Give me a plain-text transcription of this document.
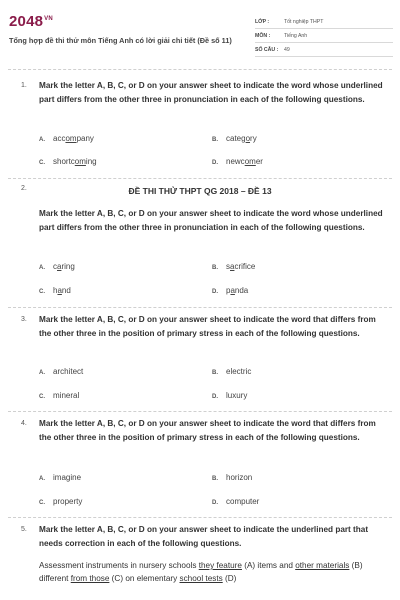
$2048^{VN}$
Tổng hợp đề thi thử môn Tiếng Anh có lời giải chi tiết (Đề số 11)
LỚP :	Tốt nghiệp THPT
MÔN :	Tiếng Anh
SỐ CÂU : 49
1. Mark the letter A, B, C, or D on your answer sheet to indicate the word whose underlined part differs from the other three in pronunciation in each of the following questions.
A. accompany	B. category
C. shortcoming	D. newcomer
2.	ĐỀ THI THỬ THPT QG 2018 – ĐỀ 13
Mark the letter A, B, C, or D on your answer sheet to indicate the word whose underlined part differs from the other three in pronunciation in each of the following questions.
A. caring	B. sacrifice
C. hand	D. panda
3. Mark the letter A, B, C, or D on your answer sheet to indicate the word that differs from the other three in the position of primary stress in each of the following questions.
A. architect	B. electric
C. mineral	D. luxury
4. Mark the letter A, B, C, or D on your answer sheet to indicate the word that differs from the other three in the position of primary stress in each of the following questions.
A. imagine	B. horizon
C. property	D. computer
5. Mark the letter A, B, C, or D on your answer sheet to indicate the underlined part that needs correction in each of the following questions.
Assessment instruments in nursery schools they feature (A) items and other materials (B) different from those (C) on elementary school tests (D)
